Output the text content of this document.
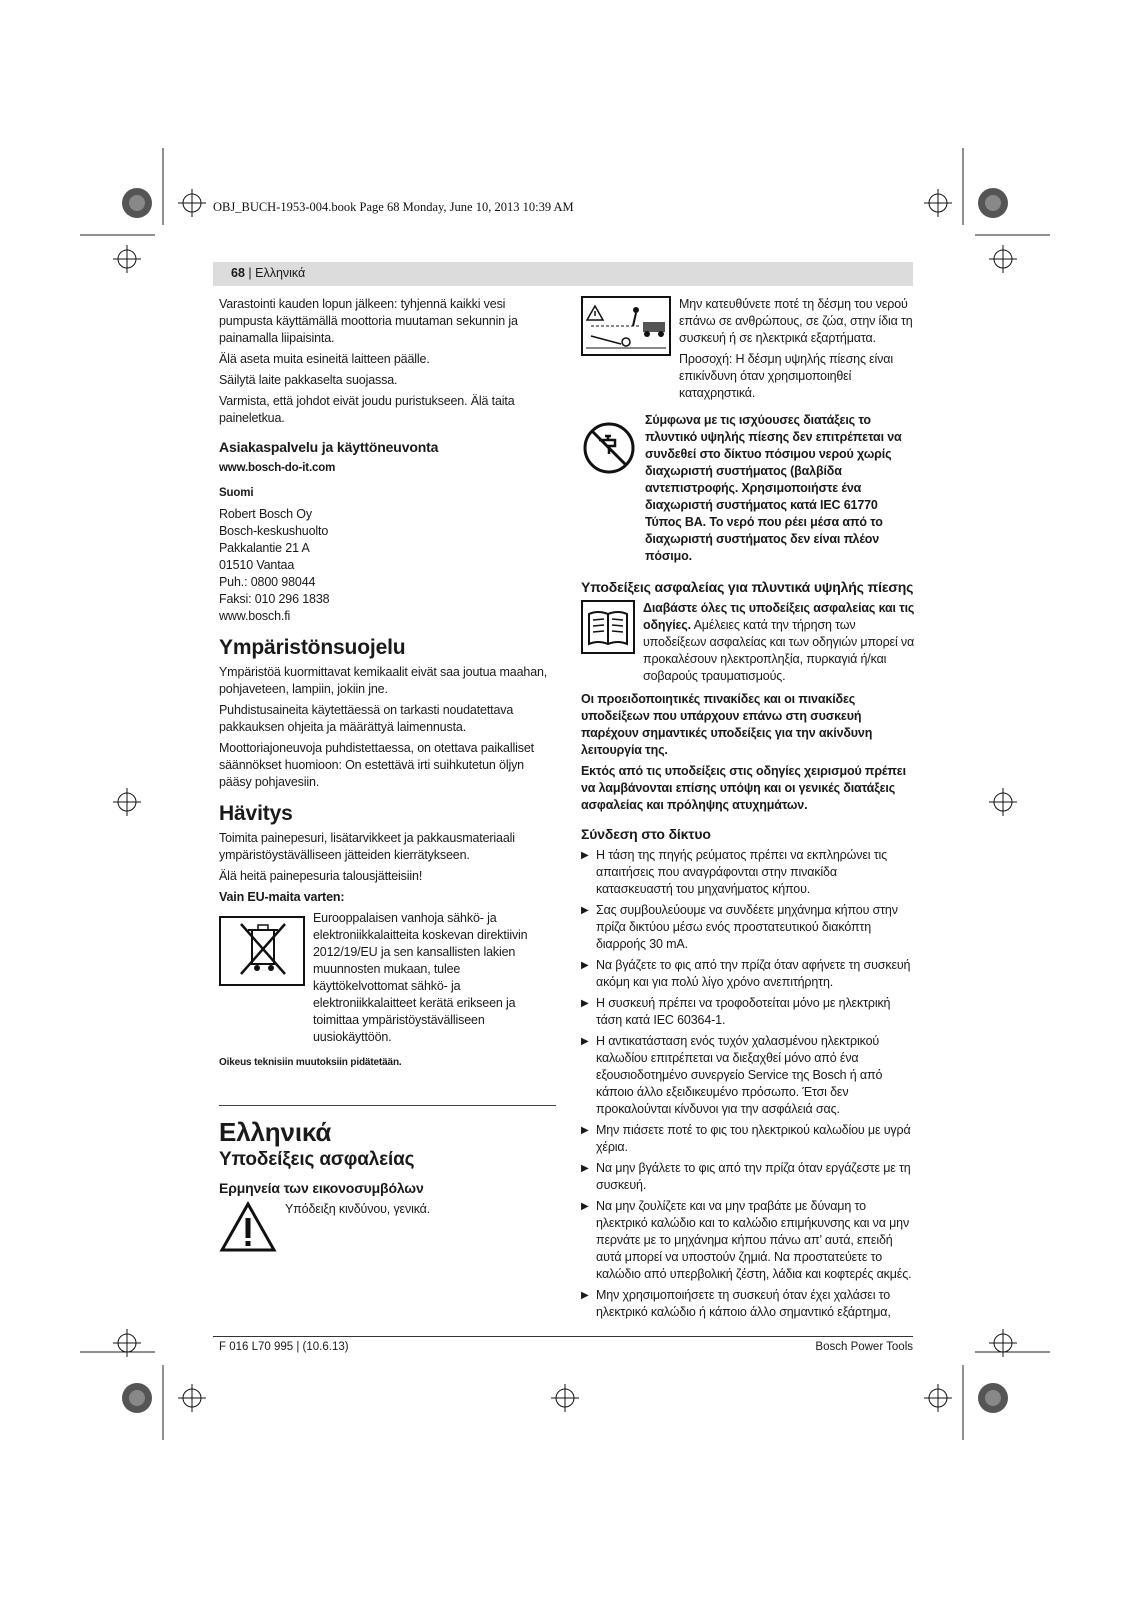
OBJ_BUCH-1953-004.book Page 68 Monday, June 10, 2013 10:39 AM
68 | Ελληνικά

Varastointi kauden lopun jälkeen: tyhjennä kaikki vesi pumpusta käyttämällä moottoria muutaman sekunnin ja painamalla liipaisinta.

Älä aseta muita esineitä laitteen päälle.

Säilytä laite pakkaselta suojassa.

Varmista, että johdot eivät joudu puristukseen. Älä taita paineletkua.

Asiakaspalvelu ja käyttöneuvonta

www.bosch-do-it.com

Suomi

Robert Bosch Oy
Bosch-keskushuolto
Pakkalantie 21 A
01510 Vantaa
Puh.: 0800 98044
Faksi: 010 296 1838
www.bosch.fi
Ympäristönsuojelu

Ympäristöä kuormittavat kemikaalit eivät saa joutua maahan, pohjaveteen, lampiin, jokiin jne.

Puhdistusaineita käytettäessä on tarkasti noudatettava pakkauksen ohjeita ja määrättyä laimennusta.

Moottoriajoneuvoja puhdistettaessa, on otettava paikalliset säännökset huomioon: On estettävä irti suihkutetun öljyn pääsy pohjavesiin.

Hävitys

Toimita painepesuri, lisätarvikkeet ja pakkausmateriaali ympäristöystävälliseen jätteiden kierrätykseen.

Älä heitä painepesuria talousjätteisiin!

Vain EU-maita varten:

Eurooppalaisen vanhoja sähkö- ja elektroniikkalaitteita koskevan direktiivin 2012/19/EU ja sen kansallisten lakien muunnosten mukaan, tulee käyttökelvottomat sähkö- ja elektroniikkalaitteet kerätä erikseen ja toimittaa ympäristöystävälliseen uusiokäyttöön.

Oikeus teknisiin muutoksiin pidätetään.

Ελληνικά
Υποδείξεις ασφαλείας
Ερμηνεία των εικονοσυμβόλων
Υπόδειξη κινδύνου, γενικά.

Μην κατευθύνετε ποτέ τη δέσμη του νερού επάνω σε ανθρώπους, σε ζώα, στην ίδια τη συσκευή ή σε ηλεκτρικά εξαρτήματα.

Προσοχή: Η δέσμη υψηλής πίεσης είναι επικίνδυνη όταν χρησιμοποιηθεί καταχρηστικά.

Σύμφωνα με τις ισχύουσες διατάξεις το πλυντικό υψηλής πίεσης δεν επιτρέπεται να συνδεθεί στο δίκτυο πόσιμου νερού χωρίς διαχωριστή συστήματος (βαλβίδα αντεπιστροφής. Χρησιμοποιήστε ένα διαχωριστή συστήματος κατά IEC 61770 Τύπος BA. Το νερό που ρέει μέσα από το διαχωριστή συστήματος δεν είναι πλέον πόσιμο.
Υποδείξεις ασφαλείας για πλυντικά υψηλής πίεσης
Διαβάστε όλες τις υποδείξεις ασφαλείας και τις οδηγίες. Αμέλειες κατά την τήρηση των υποδείξεων ασφαλείας και των οδηγιών μπορεί να προκαλέσουν ηλεκτροπληξία, πυρκαγιά ή/και σοβαρούς τραυματισμούς.

Οι προειδοποιητικές πινακίδες και οι πινακίδες υποδείξεων που υπάρχουν επάνω στη συσκευή παρέχουν σημαντικές υποδείξεις για την ακίνδυνη λειτουργία της.

Εκτός από τις υποδείξεις στις οδηγίες χειρισμού πρέπει να λαμβάνονται επίσης υπόψη και οι γενικές διατάξεις ασφαλείας και πρόληψης ατυχημάτων.

Σύνδεση στο δίκτυο
▶ Η τάση της πηγής ρεύματος πρέπει να εκπληρώνει τις απαιτήσεις που αναγράφονται στην πινακίδα κατασκευαστή του μηχανήματος κήπου.
▶ Σας συμβουλεύουμε να συνδέετε μηχάνημα κήπου στην πρίζα δικτύου μέσω ενός προστατευτικού διακόπτη διαρροής 30 mA.
▶ Να βγάζετε το φις από την πρίζα όταν αφήνετε τη συσκευή ακόμη και για πολύ λίγο χρόνο ανεπιτήρητη.
▶ Η συσκευή πρέπει να τροφοδοτείται μόνο με ηλεκτρική τάση κατά IEC 60364-1.
▶ Η αντικατάσταση ενός τυχόν χαλασμένου ηλεκτρικού καλωδίου επιτρέπεται να διεξαχθεί μόνο από ένα εξουσιοδοτημένο συνεργείο Service της Bosch ή από κάποιο άλλο εξειδικευμένο πρόσωπο. Έτσι δεν προκαλούνται κίνδυνοι για την ασφάλειά σας.
▶ Μην πιάσετε ποτέ το φις του ηλεκτρικού καλωδίου με υγρά χέρια.
▶ Να μην βγάλετε το φις από την πρίζα όταν εργάζεστε με τη συσκευή.
▶ Να μην ζουλίζετε και να μην τραβάτε με δύναμη το ηλεκτρικό καλώδιο και το καλώδιο επιμήκυνσης και να μην περνάτε με το μηχάνημα κήπου πάνω απ’ αυτά, επειδή αυτά μπορεί να υποστούν ζημιά. Να προστατεύετε το καλώδιο από υπερβολική ζέστη, λάδια και κοφτερές ακμές.
▶ Μην χρησιμοποιήσετε τη συσκευή όταν έχει χαλάσει το ηλεκτρικό καλώδιο ή κάποιο άλλο σημαντικό εξάρτημα,
F 016 L70 995 | (10.6.13)	Bosch Power Tools
